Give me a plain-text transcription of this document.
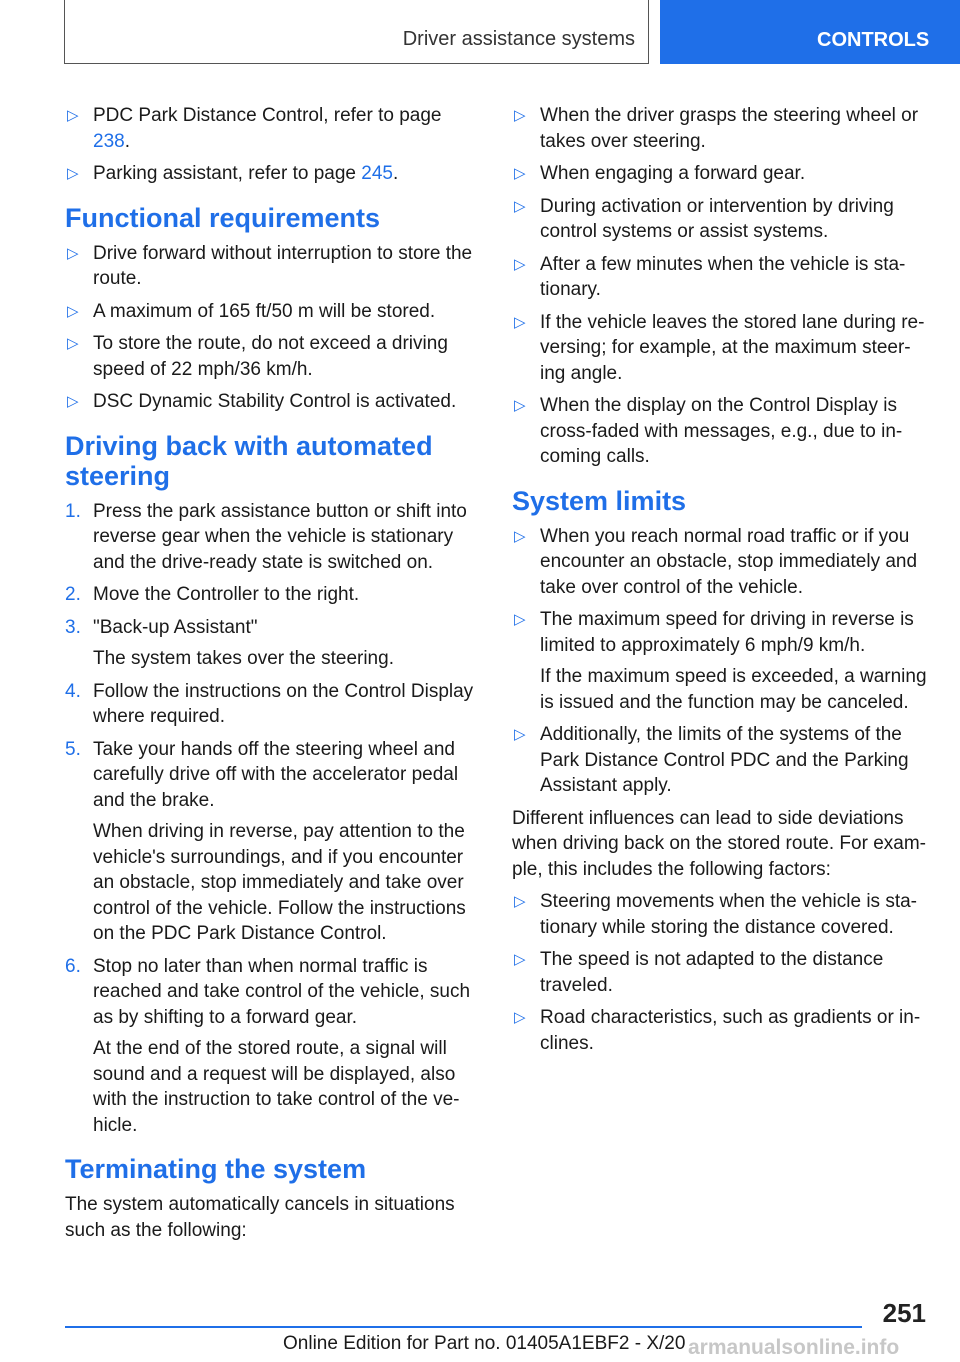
Driver assistance systems	CONTROLS
▷ PDC Park Distance Control, refer to page 238.
▷ Parking assistant, refer to page 245.
Functional requirements
▷ Drive forward without interruption to store the route.
▷ A maximum of 165 ft/50 m will be stored.
▷ To store the route, do not exceed a driving speed of 22 mph/36 km/h.
▷ DSC Dynamic Stability Control is activated.
Driving back with automated steering
1. Press the park assistance button or shift into reverse gear when the vehicle is stationary and the drive-ready state is switched on.
2. Move the Controller to the right.
3. "Back-up Assistant"
The system takes over the steering.
4. Follow the instructions on the Control Display where required.
5. Take your hands off the steering wheel and carefully drive off with the accelerator pedal and the brake.
When driving in reverse, pay attention to the vehicle's surroundings, and if you encounter an obstacle, stop immediately and take over control of the vehicle. Follow the instructions on the PDC Park Distance Control.
6. Stop no later than when normal traffic is reached and take control of the vehicle, such as by shifting to a forward gear.
At the end of the stored route, a signal will sound and a request will be displayed, also with the instruction to take control of the ve-hicle.
Terminating the system
The system automatically cancels in situations such as the following:
▷ When the driver grasps the steering wheel or takes over steering.
▷ When engaging a forward gear.
▷ During activation or intervention by driving control systems or assist systems.
▷ After a few minutes when the vehicle is sta-tionary.
▷ If the vehicle leaves the stored lane during re-versing; for example, at the maximum steer-ing angle.
▷ When the display on the Control Display is cross-faded with messages, e.g., due to in-coming calls.
System limits
▷ When you reach normal road traffic or if you encounter an obstacle, stop immediately and take over control of the vehicle.
▷ The maximum speed for driving in reverse is limited to approximately 6 mph/9 km/h.
If the maximum speed is exceeded, a warning is issued and the function may be canceled.
▷ Additionally, the limits of the systems of the Park Distance Control PDC and the Parking Assistant apply.
Different influences can lead to side deviations when driving back on the stored route. For exam-ple, this includes the following factors:
▷ Steering movements when the vehicle is sta-tionary while storing the distance covered.
▷ The speed is not adapted to the distance traveled.
▷ Road characteristics, such as gradients or in-clines.
251
Online Edition for Part no. 01405A1EBF2 - X/20 armanualsonline.info
